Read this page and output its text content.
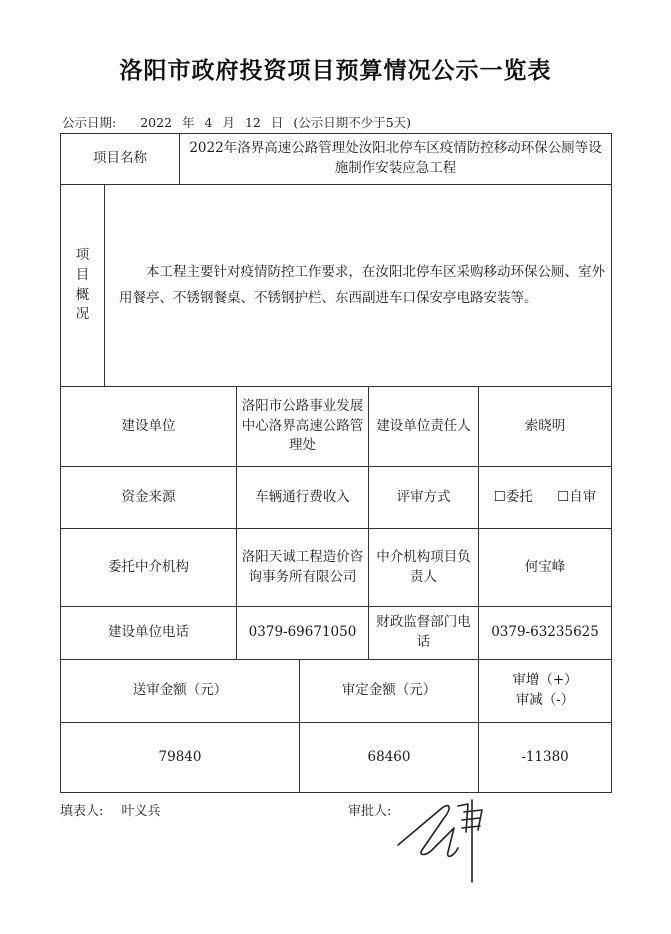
洛阳市政府投资项目预算情况公示一览表
公示日期: 2022 年 4 月 12 日 (公示日期不少于5天)
项目名称		2022年洛界高速公路管理处汝阳北停车区疫情防控移动环保公厕等设施制作安装应急工程				

项
目
概
况	本工程主要针对疫情防控工作要求，在汝阳北停车区采购移动环保公厕、室外用餐亭、不锈钢餐桌、不锈钢护栏、东西副进车口保安亭电路安装等。					
建设单位			洛阳市公路事业发展中心洛界高速公路管理处		建设单位责任人	索晓明
资金来源			车辆通行费收入		评审方式	☐委托 ☐自审
委托中介机构			洛阳天诚工程造价咨询事务所有限公司		中介机构项目负责人	何宝峰
建设单位电话			0379-69671050		财政监督部门电话	0379-63235625
送审金额（元）				审定金额（元）		审增（+）
审减（-）

79840				68460		-11380
填表人: 叶义兵	审批人:
